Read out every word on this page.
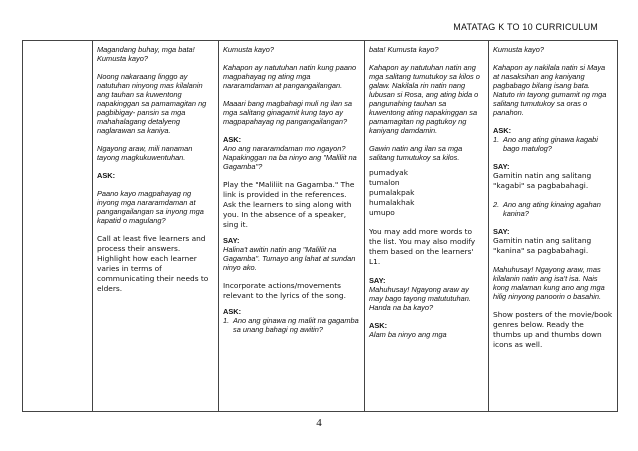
MATATAG K TO 10 CURRICULUM

Magandang buhay, mga bata! Kumusta kayo?

Noong nakaraang linggo ay natutuhan ninyong mas kilalanin ang tauhan sa kuwentong napakinggan sa pamamagitan ng pagbibigay- pansin sa mga mahahalagang detalyeng naglarawan sa kaniya.

Ngayong araw, mili nanaman tayong magkukuwentuhan.

ASK:

Paano kayo magpahayag ng inyong mga nararamdaman at pangangailangan sa inyong mga kapatid o magulang?

Call at least five learners and process their answers. Highlight how each learner varies in terms of communicating their needs to elders.

Kumusta kayo?

Kahapon ay natutuhan natin kung paano magpahayag ng ating mga nararamdaman at pangangailangan.

Maaari bang magbahagi muli ng ilan sa mga salitang ginagamit kung tayo ay magpapahayag ng pangangailangan?

ASK:

Ano ang nararamdaman mo ngayon? Napakinggan na ba ninyo ang "Maliliit na Gagamba"?

Play the "Maliliit na Gagamba." The link is provided in the references. Ask the learners to sing along with you. In the absence of a speaker, sing it.

SAY:

Halina't awitin natin ang "Maliliit na Gagamba". Tumayo ang lahat at sundan ninyo ako.

Incorporate actions/movements relevant to the lyrics of the song.

ASK:

1. Ano ang ginawa ng maliit na gagamba sa unang bahagi ng awitin?

bata! Kumusta kayo?

Kahapon ay natutuhan natin ang mga salitang tumutukoy sa kilos o galaw. Nakilala rin natin nang lubusan si Rosa, ang ating bida o pangunahing tauhan sa kuwentong ating napakinggan sa pamamagitan ng pagtukoy ng kaniyang damdamin.

Gawin natin ang ilan sa mga salitang tumutukoy sa kilos.

pumadyak

tumalon

pumalakpak

humalakhak

umupo

You may add more words to the list. You may also modify them based on the learners' L1.

SAY:

Mahuhusay! Ngayong araw ay may bago tayong matututuhan. Handa na ba kayo?

ASK:

Alam ba ninyo ang mga

Kumusta kayo?

Kahapon ay nakilala natin si Maya at nasaksihan ang kaniyang pagbabago bilang isang bata. Natuto rin tayong gumamit ng mga salitang tumutukoy sa oras o panahon.

ASK:

1. Ano ang ating ginawa kagabi bago matulog?

SAY:

Gamitin natin ang salitang "kagabi" sa pagbabahagi.

2. Ano ang ating kinaing agahan kanina?

SAY:

Gamitin natin ang salitang "kanina" sa pagbabahagi.

Mahuhusay! Ngayong araw, mas kilalanin natin ang isa't isa. Nais kong malaman kung ano ang mga hilig ninyong panoorin o basahin.

Show posters of the movie/book genres below. Ready the thumbs up and thumbs down icons as well.

4
